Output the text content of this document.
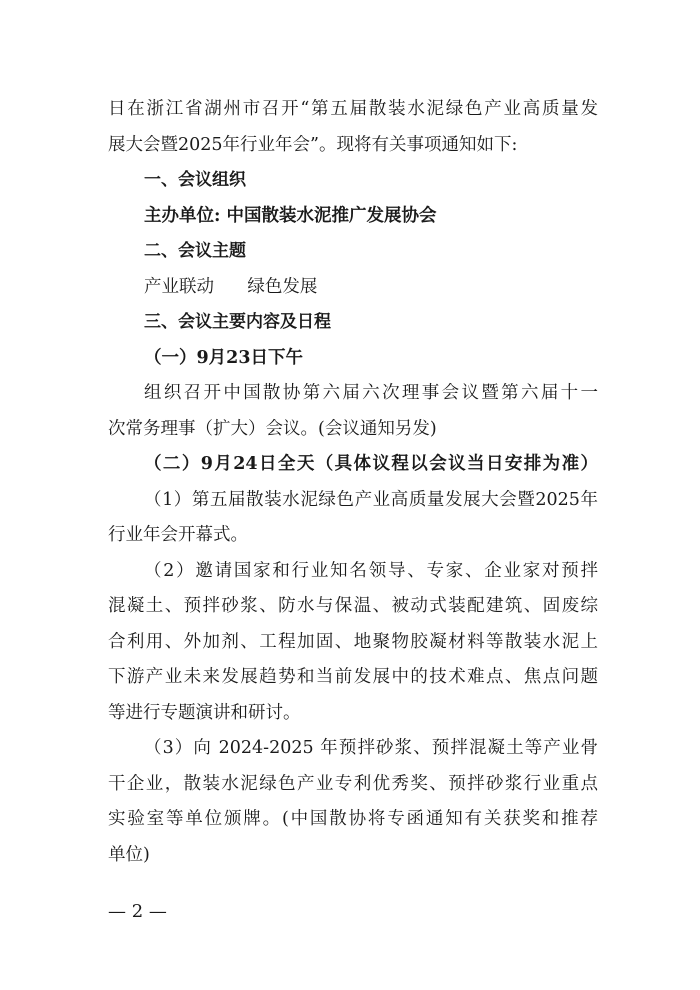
日在浙江省湖州市召开“第五届散装水泥绿色产业高质量发
展大会暨2025年行业年会”。现将有关事项通知如下:
一、会议组织
主办单位: 中国散装水泥推广发展协会
二、会议主题
产业联动      绿色发展
三、会议主要内容及日程
（一）9月23日下午
组织召开中国散协第六届六次理事会议暨第六届十一
次常务理事（扩大）会议。(会议通知另发)
（二）9月24日全天（具体议程以会议当日安排为准）
（1）第五届散装水泥绿色产业高质量发展大会暨2025年
行业年会开幕式。
（2）邀请国家和行业知名领导、专家、企业家对预拌
混凝土、预拌砂浆、防水与保温、被动式装配建筑、固废综
合利用、外加剂、工程加固、地聚物胶凝材料等散装水泥上
下游产业未来发展趋势和当前发展中的技术难点、焦点问题
等进行专题演讲和研讨。
（3）向 2024-2025 年预拌砂浆、预拌混凝土等产业骨
干企业，散装水泥绿色产业专利优秀奖、预拌砂浆行业重点
实验室等单位颁牌。(中国散协将专函通知有关获奖和推荐
单位)
— 2 —
